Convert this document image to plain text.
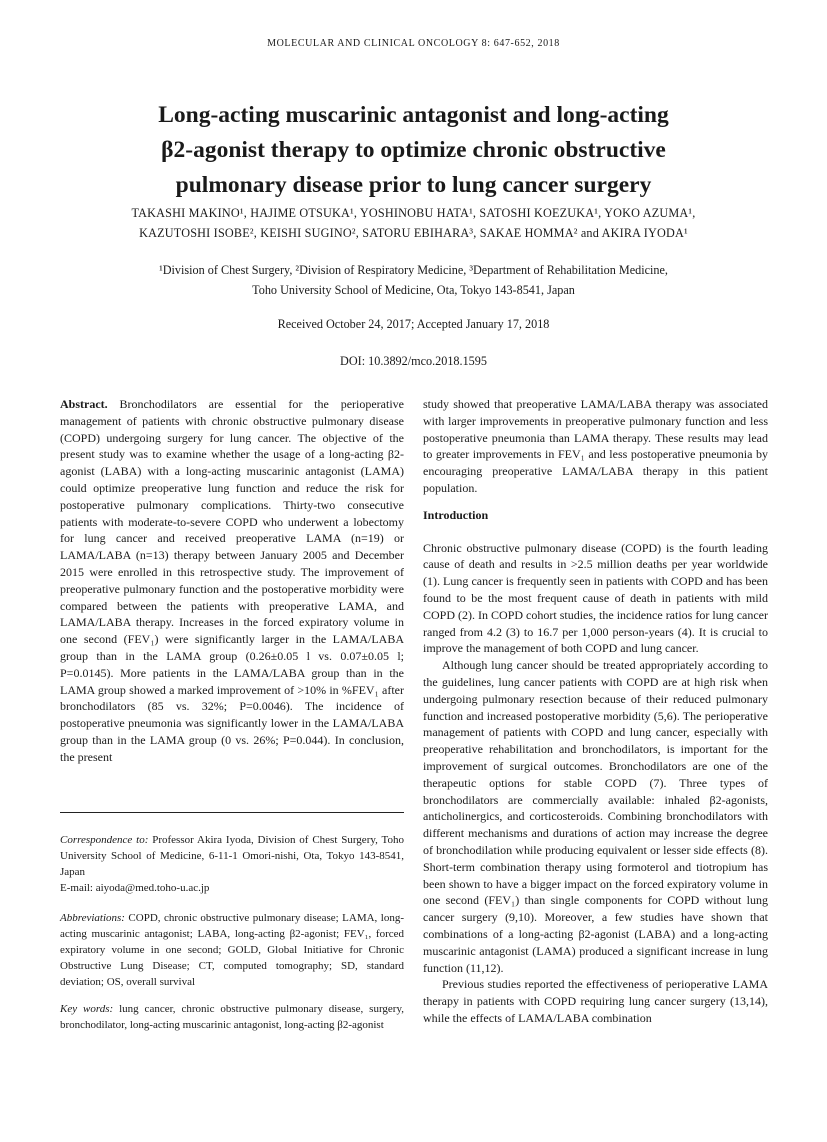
MOLECULAR AND CLINICAL ONCOLOGY 8: 647-652, 2018
Long-acting muscarinic antagonist and long-acting
β2-agonist therapy to optimize chronic obstructive
pulmonary disease prior to lung cancer surgery
TAKASHI MAKINO¹, HAJIME OTSUKA¹, YOSHINOBU HATA¹, SATOSHI KOEZUKA¹, YOKO AZUMA¹,
KAZUTOSHI ISOBE², KEISHI SUGINO², SATORU EBIHARA³, SAKAE HOMMA² and AKIRA IYODA¹
¹Division of Chest Surgery, ²Division of Respiratory Medicine, ³Department of Rehabilitation Medicine,
Toho University School of Medicine, Ota, Tokyo 143-8541, Japan
Received October 24, 2017; Accepted January 17, 2018
DOI: 10.3892/mco.2018.1595

Abstract. Bronchodilators are essential for the perioperative management of patients with chronic obstructive pulmonary disease (COPD) undergoing surgery for lung cancer. The objective of the present study was to examine whether the usage of a long-acting β2-agonist (LABA) with a long-acting muscarinic antagonist (LAMA) could optimize preoperative lung function and reduce the risk for postoperative pulmonary complications. Thirty-two consecutive patients with moderate-to-severe COPD who underwent a lobectomy for lung cancer and received preoperative LAMA (n=19) or LAMA/LABA (n=13) therapy between January 2005 and December 2015 were enrolled in this retrospective study. The improvement of preoperative pulmonary function and the postoperative morbidity were compared between the patients with preoperative LAMA, and LAMA/LABA therapy. Increases in the forced expiratory volume in one second (FEV₁) were significantly larger in the LAMA/LABA group than in the LAMA group (0.26±0.05 l vs. 0.07±0.05 l; P=0.0145). More patients in the LAMA/LABA group than in the LAMA group showed a marked improvement of >10% in %FEV₁ after bronchodilators (85 vs. 32%; P=0.0046). The incidence of postoperative pneumonia was significantly lower in the LAMA/LABA group than in the LAMA group (0 vs. 26%; P=0.044). In conclusion, the present

Correspondence to: Professor Akira Iyoda, Division of Chest Surgery, Toho University School of Medicine, 6-11-1 Omori-nishi, Ota, Tokyo 143-8541, Japan

E-mail: aiyoda@med.toho-u.ac.jp

Abbreviations: COPD, chronic obstructive pulmonary disease; LAMA, long-acting muscarinic antagonist; LABA, long-acting β2-agonist; FEV₁, forced expiratory volume in one second; GOLD, Global Initiative for Chronic Obstructive Lung Disease; CT, computed tomography; SD, standard deviation; OS, overall survival

Key words: lung cancer, chronic obstructive pulmonary disease, surgery, bronchodilator, long-acting muscarinic antagonist, long-acting β2-agonist

study showed that preoperative LAMA/LABA therapy was associated with larger improvements in preoperative pulmonary function and less postoperative pneumonia than LAMA therapy. These results may lead to greater improvements in FEV₁ and less postoperative pneumonia by encouraging preoperative LAMA/LABA therapy in this patient population.

Introduction

Chronic obstructive pulmonary disease (COPD) is the fourth leading cause of death and results in >2.5 million deaths per year worldwide (1). Lung cancer is frequently seen in patients with COPD and has been found to be the most frequent cause of death in patients with mild COPD (2). In COPD cohort studies, the incidence ratios for lung cancer ranged from 4.2 (3) to 16.7 per 1,000 person-years (4). It is crucial to improve the management of both COPD and lung cancer.

Although lung cancer should be treated appropriately according to the guidelines, lung cancer patients with COPD are at high risk when undergoing pulmonary resection because of their reduced pulmonary function and increased postoperative morbidity (5,6). The perioperative management of patients with COPD and lung cancer, especially with preoperative rehabilitation and bronchodilators, is important for the improvement of surgical outcomes. Bronchodilators are one of the therapeutic options for stable COPD (7). Three types of bronchodilators are commercially available: inhaled β2-agonists, anticholinergics, and corticosteroids. Combining bronchodilators with different mechanisms and durations of action may increase the degree of bronchodilation while producing equivalent or lesser side effects (8). Short-term combination therapy using formoterol and tiotropium has been shown to have a bigger impact on the forced expiratory volume in one second (FEV₁) than single components for COPD without lung cancer surgery (9,10). Moreover, a few studies have shown that combinations of a long-acting β2-agonist (LABA) and a long-acting muscarinic antagonist (LAMA) produced a significant increase in lung function (11,12).

Previous studies reported the effectiveness of perioperative LAMA therapy in patients with COPD requiring lung cancer surgery (13,14), while the effects of LAMA/LABA combination
